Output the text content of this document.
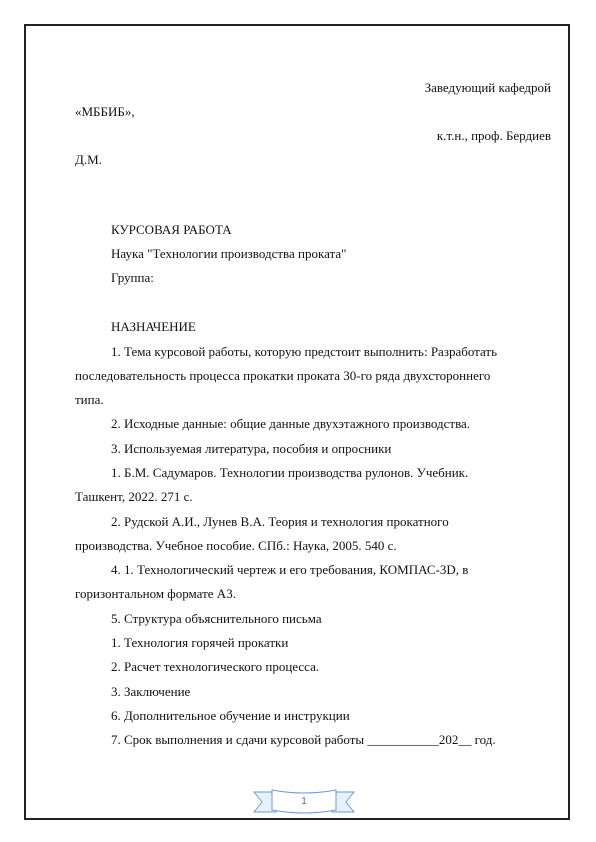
Заведующий кафедрой
«МББИБ»,
к.т.н., проф. Бердиев
Д.М.
КУРСОВАЯ РАБОТА
Наука "Технологии производства проката"
Группа:
НАЗНАЧЕНИЕ
1. Тема курсовой работы, которую предстоит выполнить: Разработать
последовательность процесса прокатки проката 30-го ряда двухстороннего
типа.
2. Исходные данные: общие данные двухэтажного производства.
3. Используемая литература, пособия и опросники
1. Б.М. Садумаров. Технологии производства рулонов. Учебник.
Ташкент, 2022. 271 с.
2. Рудской А.И., Лунев В.А. Теория и технология прокатного
производства. Учебное пособие. СПб.: Наука, 2005. 540 с.
4. 1. Технологический чертеж и его требования, КОМПАС-3D, в
горизонтальном формате А3.
5. Структура объяснительного письма
1. Технология горячей прокатки
2. Расчет технологического процесса.
3. Заключение
6. Дополнительное обучение и инструкции
7. Срок выполнения и сдачи курсовой работы ___________202__ год.
1
